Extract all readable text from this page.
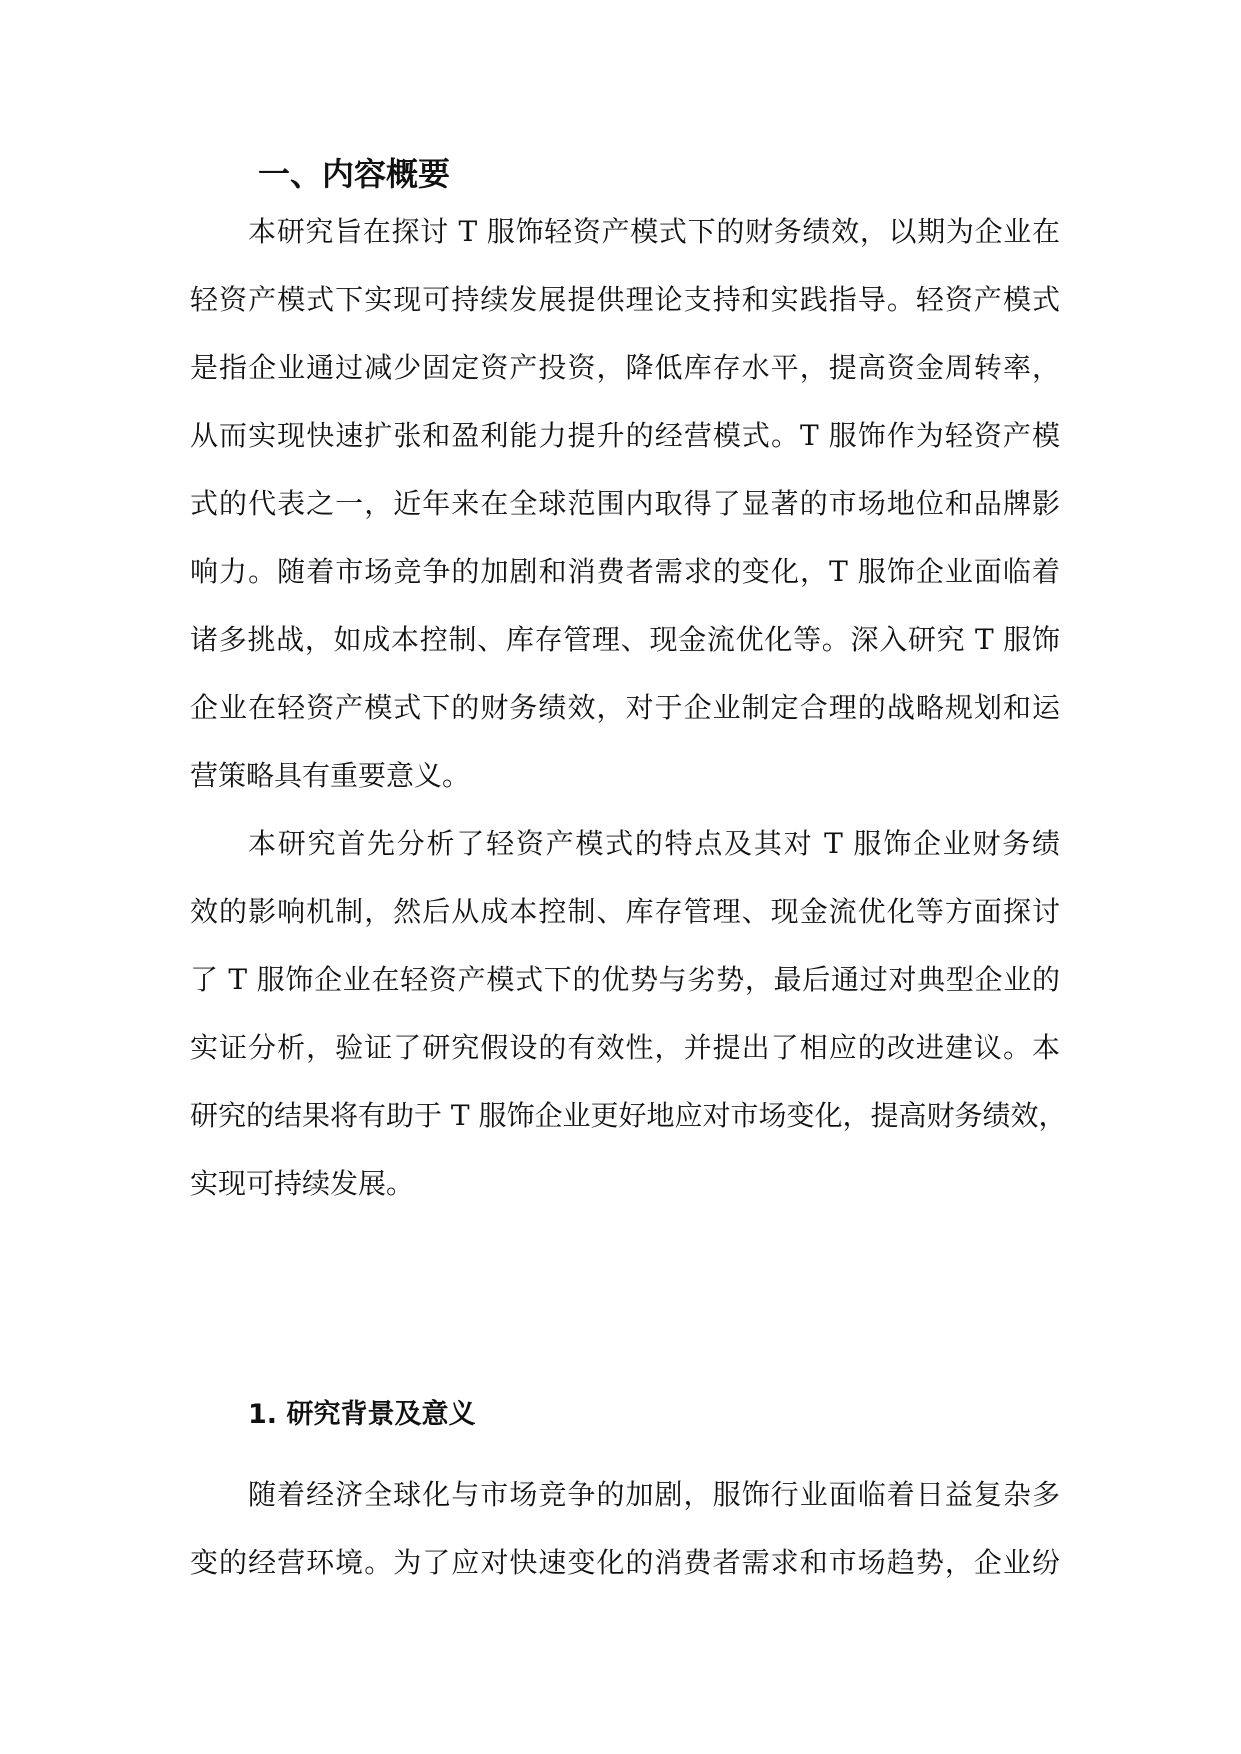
一、内容概要
本研究旨在探讨 T 服饰轻资产模式下的财务绩效，以期为企业在
轻资产模式下实现可持续发展提供理论支持和实践指导。轻资产模式
是指企业通过减少固定资产投资，降低库存水平，提高资金周转率，
从而实现快速扩张和盈利能力提升的经营模式。T 服饰作为轻资产模
式的代表之一，近年来在全球范围内取得了显著的市场地位和品牌影
响力。随着市场竞争的加剧和消费者需求的变化，T 服饰企业面临着
诸多挑战，如成本控制、库存管理、现金流优化等。深入研究 T 服饰
企业在轻资产模式下的财务绩效，对于企业制定合理的战略规划和运
营策略具有重要意义。
本研究首先分析了轻资产模式的特点及其对 T 服饰企业财务绩
效的影响机制，然后从成本控制、库存管理、现金流优化等方面探讨
了 T 服饰企业在轻资产模式下的优势与劣势，最后通过对典型企业的
实证分析，验证了研究假设的有效性，并提出了相应的改进建议。本
研究的结果将有助于 T 服饰企业更好地应对市场变化，提高财务绩效，
实现可持续发展。
1. 研究背景及意义
随着经济全球化与市场竞争的加剧，服饰行业面临着日益复杂多
变的经营环境。为了应对快速变化的消费者需求和市场趋势，企业纷
